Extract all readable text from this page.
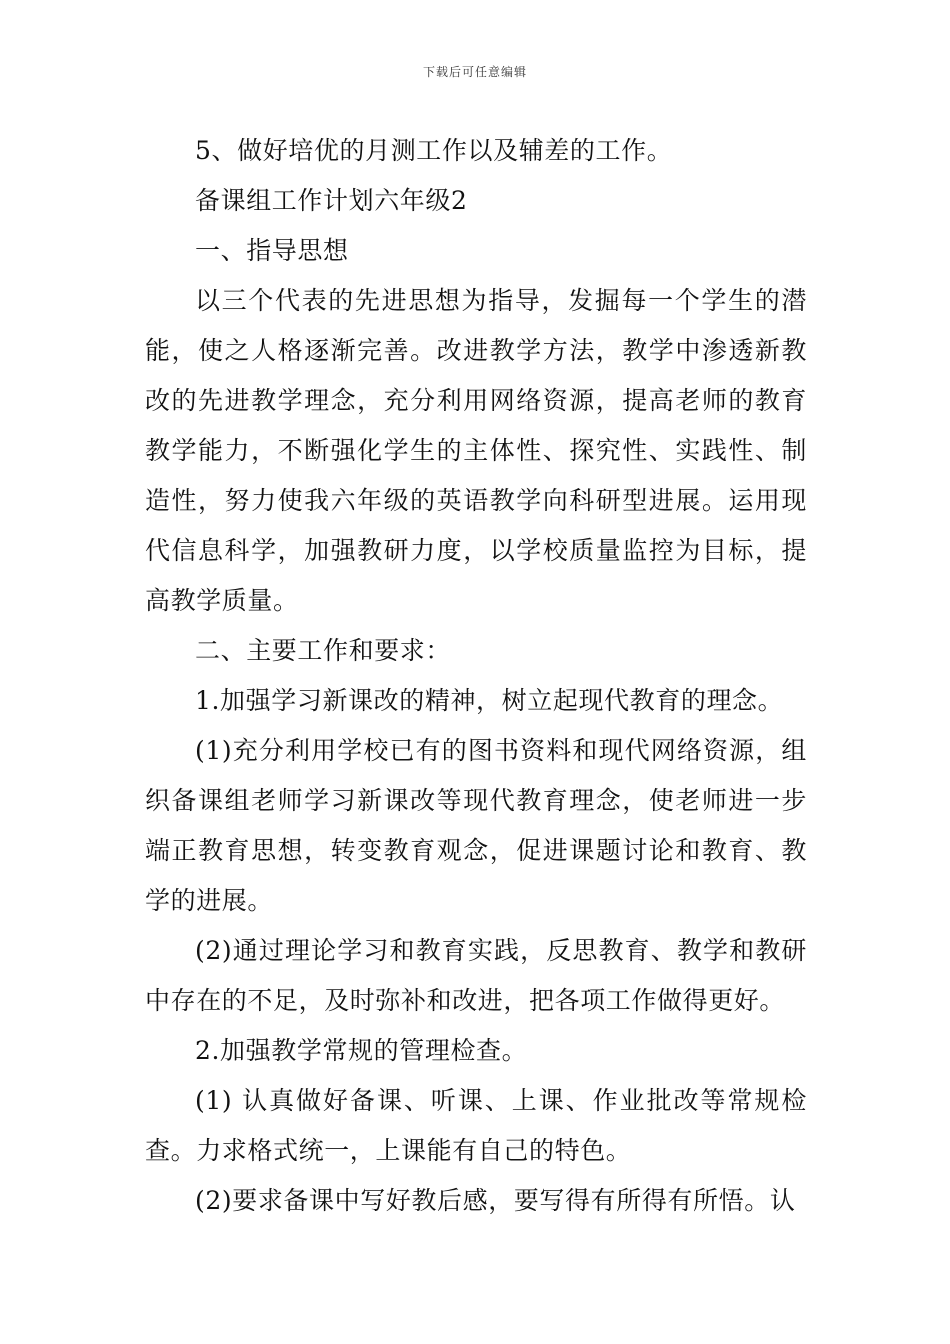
下载后可任意编辑

5、做好培优的月测工作以及辅差的工作。

备课组工作计划六年级2

一、指导思想

以三个代表的先进思想为指导，发掘每一个学生的潜能，使之人格逐渐完善。改进教学方法，教学中渗透新教改的先进教学理念，充分利用网络资源，提高老师的教育教学能力，不断强化学生的主体性、探究性、实践性、制造性，努力使我六年级的英语教学向科研型进展。运用现代信息科学，加强教研力度，以学校质量监控为目标，提高教学质量。

二、主要工作和要求：

1.加强学习新课改的精神，树立起现代教育的理念。

(1)充分利用学校已有的图书资料和现代网络资源，组织备课组老师学习新课改等现代教育理念，使老师进一步端正教育思想，转变教育观念，促进课题讨论和教育、教学的进展。

(2)通过理论学习和教育实践，反思教育、教学和教研中存在的不足，及时弥补和改进，把各项工作做得更好。

2.加强教学常规的管理检查。

(1) 认真做好备课、听课、上课、作业批改等常规检查。力求格式统一，上课能有自己的特色。

(2)要求备课中写好教后感，要写得有所得有所悟。认
